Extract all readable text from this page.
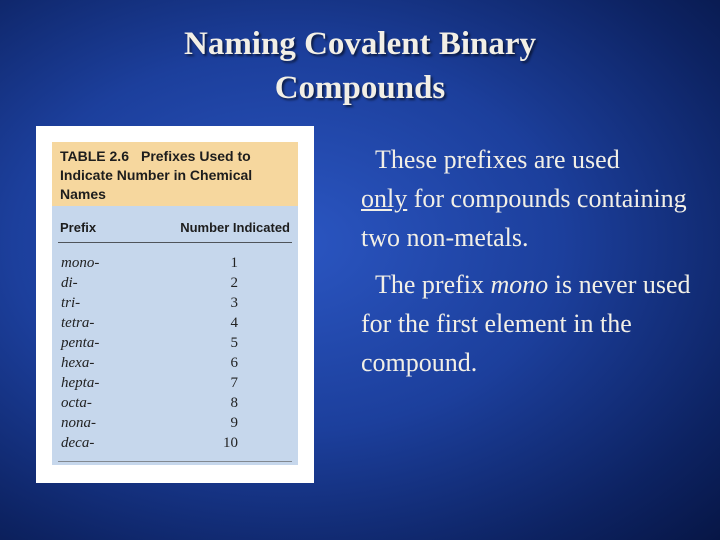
Naming Covalent Binary
Compounds
TABLE 2.6 Prefixes Used to
Indicate Number in Chemical
Names
Prefix	Number Indicated
mono-	1
di-	2
tri-	3
tetra-	4
penta-	5
hexa-	6
hepta-	7
octa-	8
nona-	9
deca-	10

These prefixes are used
only for compounds containing two non-metals.

The prefix mono is never used for the first element in the compound.
